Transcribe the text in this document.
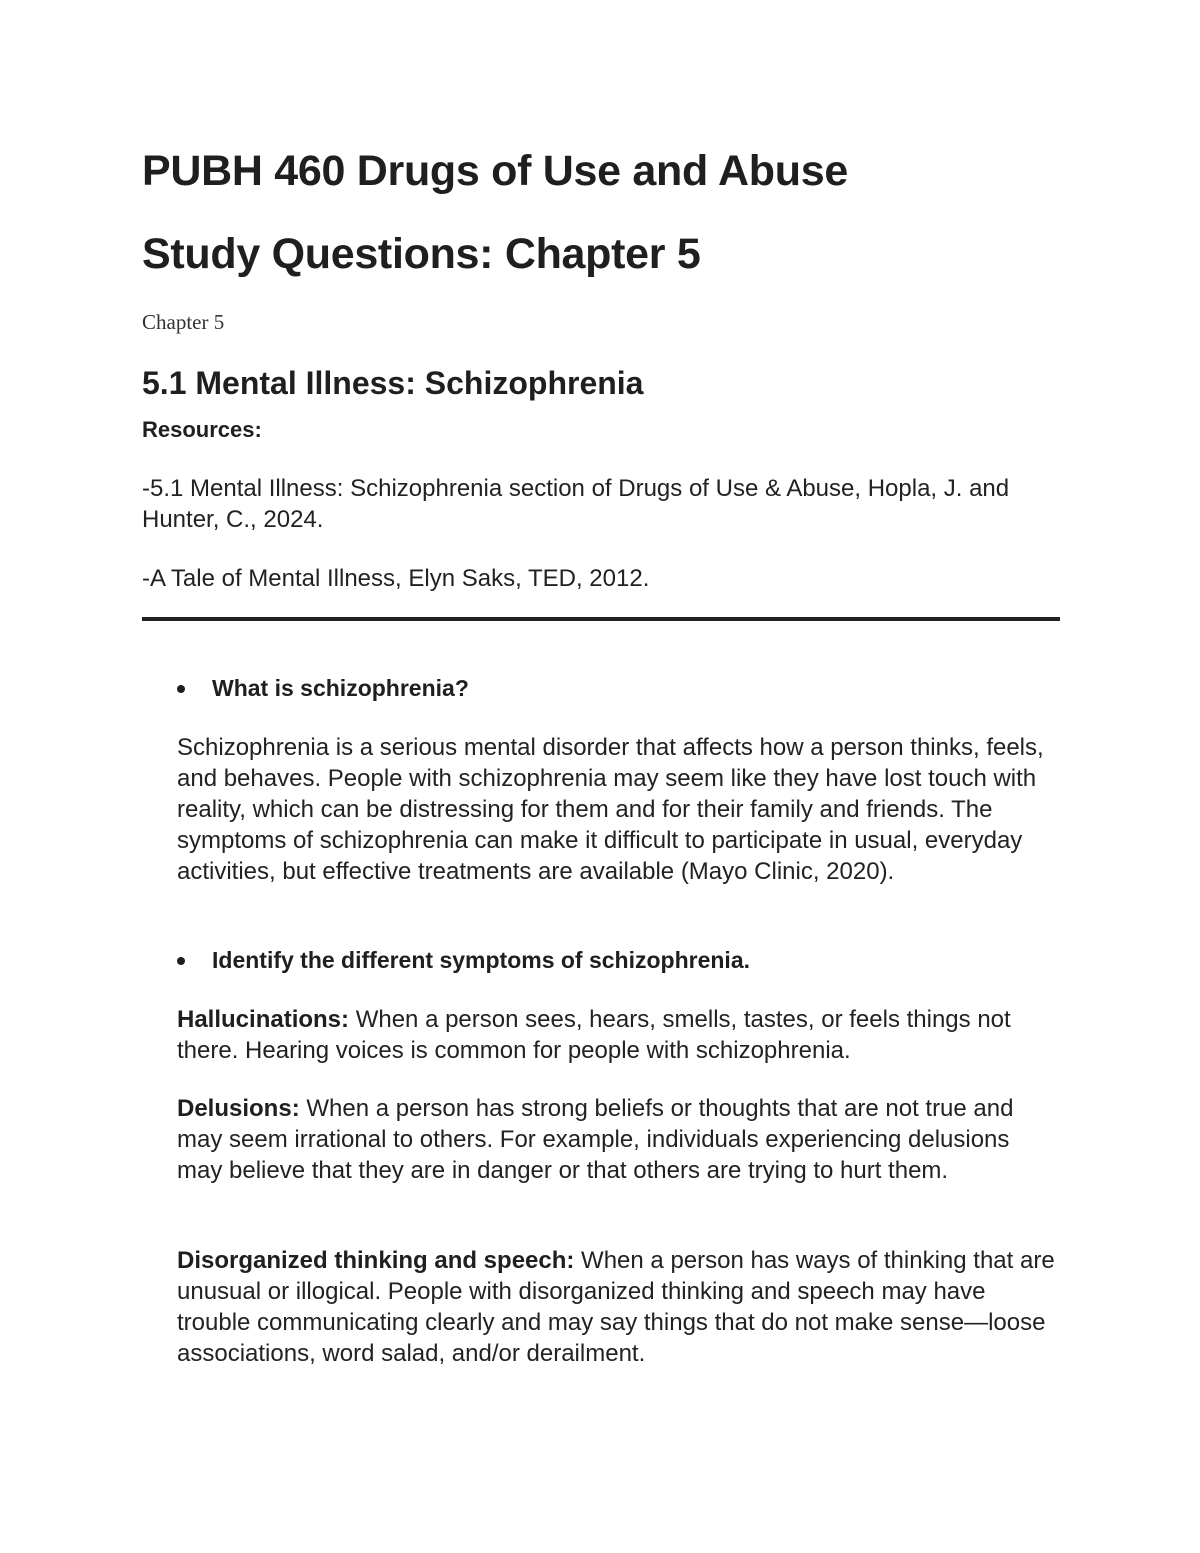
PUBH 460 Drugs of Use and Abuse
Study Questions: Chapter 5
Chapter 5
5.1 Mental Illness: Schizophrenia
Resources:
-5.1 Mental Illness: Schizophrenia section of Drugs of Use & Abuse, Hopla, J. and Hunter, C., 2024.
-A Tale of Mental Illness, Elyn Saks, TED, 2012.
What is schizophrenia?
Schizophrenia is a serious mental disorder that affects how a person thinks, feels, and behaves. People with schizophrenia may seem like they have lost touch with reality, which can be distressing for them and for their family and friends. The symptoms of schizophrenia can make it difficult to participate in usual, everyday activities, but effective treatments are available (Mayo Clinic, 2020).
Identify the different symptoms of schizophrenia.
Hallucinations: When a person sees, hears, smells, tastes, or feels things not there. Hearing voices is common for people with schizophrenia.
Delusions: When a person has strong beliefs or thoughts that are not true and may seem irrational to others. For example, individuals experiencing delusions may believe that they are in danger or that others are trying to hurt them.
Disorganized thinking and speech: When a person has ways of thinking that are unusual or illogical. People with disorganized thinking and speech may have trouble communicating clearly and may say things that do not make sense—loose associations, word salad, and/or derailment.
